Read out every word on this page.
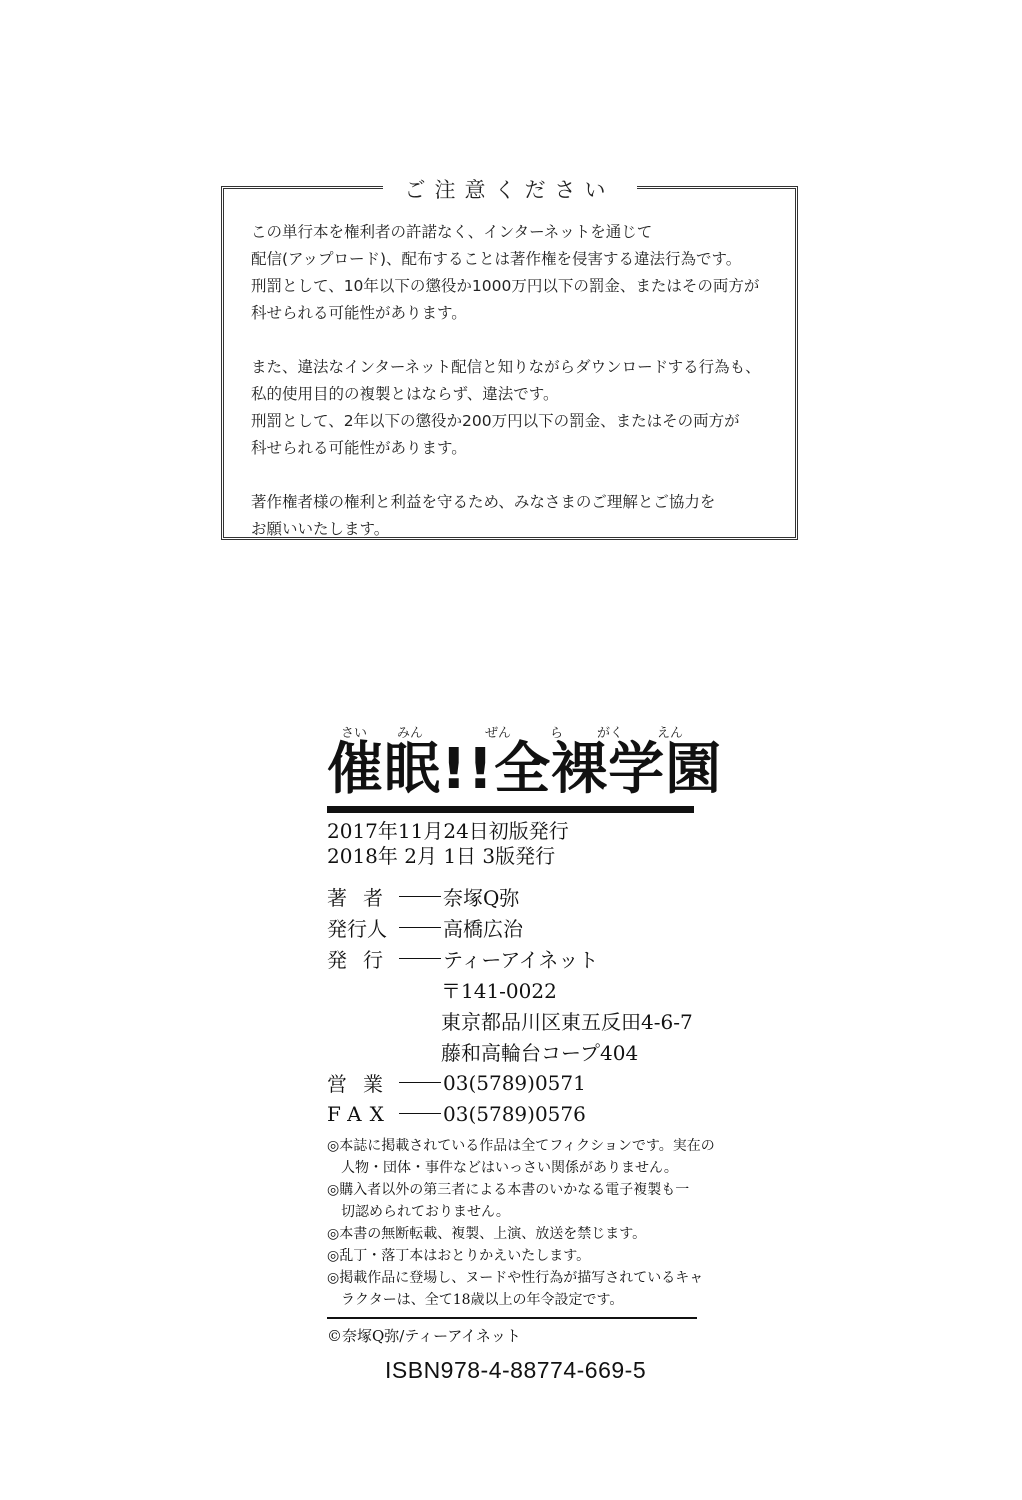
ご注意ください

この単行本を権利者の許諾なく、インターネットを通じて
配信(アップロード)、配布することは著作権を侵害する違法行為です。
刑罰として、10年以下の懲役か1000万円以下の罰金、またはその両方が
科せられる可能性があります。

また、違法なインターネット配信と知りながらダウンロードする行為も、
私的使用目的の複製とはならず、違法です。
刑罰として、2年以下の懲役か200万円以下の罰金、またはその両方が
科せられる可能性があります。

著作権者様の権利と利益を守るため、みなさまのご理解とご協力を
お願いいたします。

さい みん	ぜん	ら	がく	えん
催眠!!全裸学園
2017年11月24日初版発行
2018年 2月 1日 3版発行
著者 奈塚Q弥
発行人	高橋広治
発行 ティーアイネット
〒141-0022
東京都品川区東五反田4-6-7
藤和高輪台コープ404
営業 03(5789)0571
FAX	03(5789)0576
◎本誌に掲載されている作品は全てフィクションです。実在の
人物・団体・事件などはいっさい関係がありません。
◎購入者以外の第三者による本書のいかなる電子複製も一
切認められておりません。
◎本書の無断転載、複製、上演、放送を禁じます。
◎乱丁・落丁本はおとりかえいたします。
◎掲載作品に登場し、ヌードや性行為が描写されているキャ
ラクターは、全て18歳以上の年令設定です。
©奈塚Q弥/ティーアイネット
ISBN978-4-88774-669-5
